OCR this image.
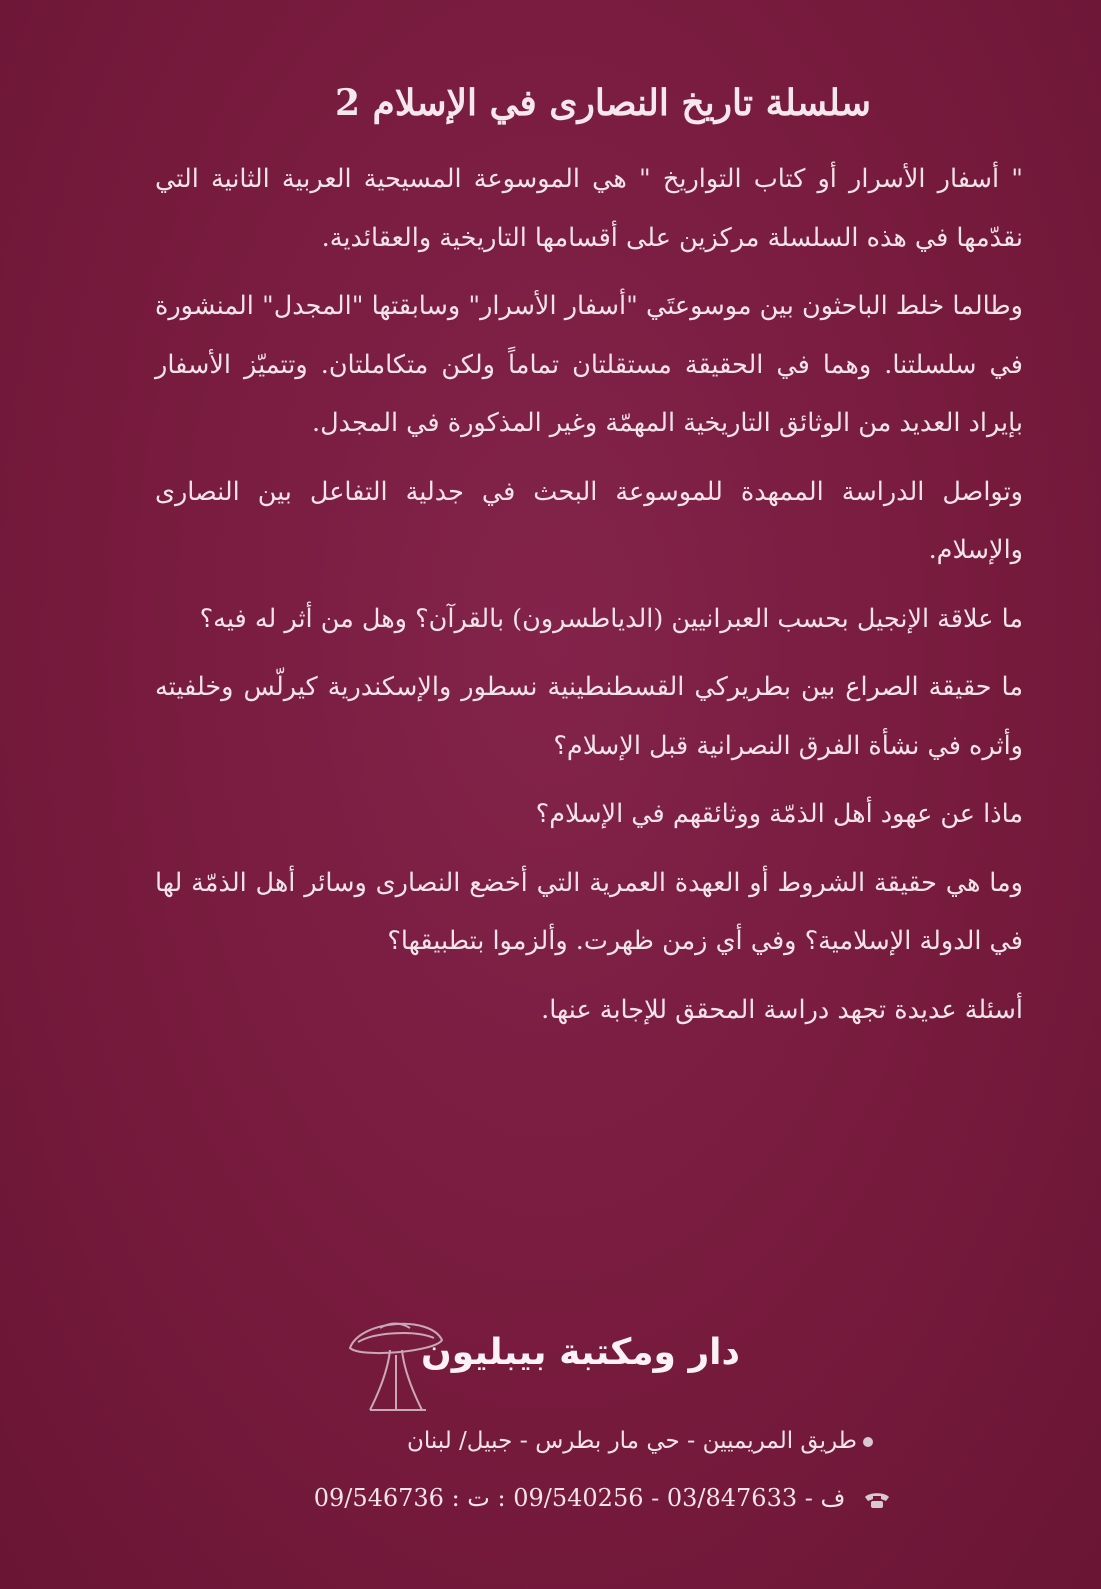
سلسلة تاريخ النصارى في الإسلام 2

" أسفار الأسرار أو كتاب التواريخ " هي الموسوعة المسيحية العربية الثانية التي نقدّمها في هذه السلسلة مركزين على أقسامها التاريخية والعقائدية.

وطالما خلط الباحثون بين موسوعتَي "أسفار الأسرار" وسابقتها "المجدل" المنشورة في سلسلتنا. وهما في الحقيقة مستقلتان تماماً ولكن متكاملتان. وتتميّز الأسفار بإيراد العديد من الوثائق التاريخية المهمّة وغير المذكورة في المجدل.

وتواصل الدراسة الممهدة للموسوعة البحث في جدلية التفاعل بين النصارى والإسلام.

ما علاقة الإنجيل بحسب العبرانيين (الدياطسرون) بالقرآن؟ وهل من أثر له فيه؟

ما حقيقة الصراع بين بطريركي القسطنطينية نسطور والإسكندرية كيرلّس وخلفيته وأثره في نشأة الفرق النصرانية قبل الإسلام؟

ماذا عن عهود أهل الذمّة ووثائقهم في الإسلام؟

وما هي حقيقة الشروط أو العهدة العمرية التي أخضع النصارى وسائر أهل الذمّة لها في الدولة الإسلامية؟ وفي أي زمن ظهرت. وألزموا بتطبيقها؟

أسئلة عديدة تجهد دراسة المحقق للإجابة عنها.

دار ومكتبة بيبليون
طريق المريميين - حي مار بطرس - جبيل/ لبنان
09/546736 : ف - 03/847633 - 09/540256 : ت
